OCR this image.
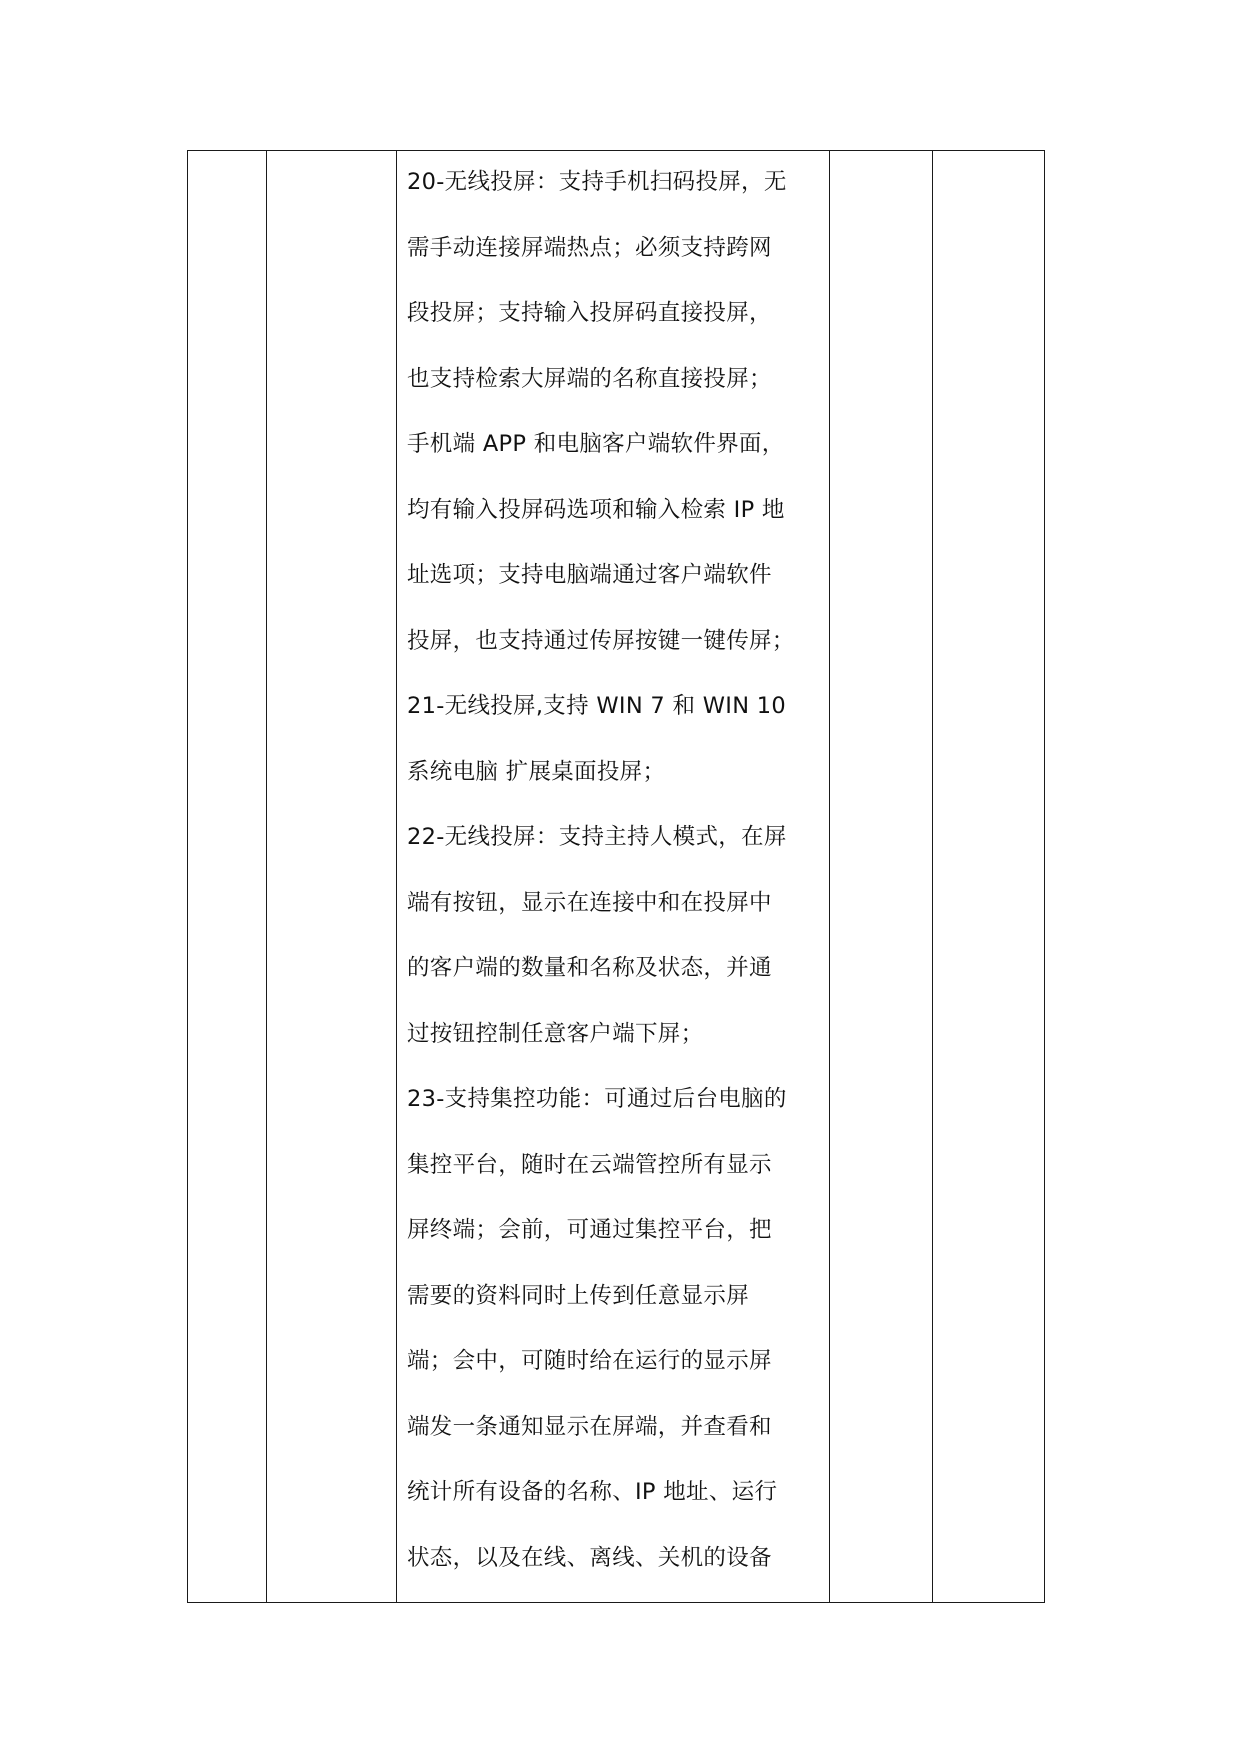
20-无线投屏：支持手机扫码投屏，无
需手动连接屏端热点；必须支持跨网
段投屏；支持输入投屏码直接投屏，
也支持检索大屏端的名称直接投屏；
手机端 APP 和电脑客户端软件界面，
均有输入投屏码选项和输入检索 IP 地
址选项；支持电脑端通过客户端软件
投屏，也支持通过传屏按键一键传屏；
21-无线投屏,支持 WIN 7 和 WIN 10
系统电脑 扩展桌面投屏；
22-无线投屏：支持主持人模式，在屏
端有按钮，显示在连接中和在投屏中
的客户端的数量和名称及状态，并通
过按钮控制任意客户端下屏；
23-支持集控功能：可通过后台电脑的
集控平台，随时在云端管控所有显示
屏终端；会前，可通过集控平台，把
需要的资料同时上传到任意显示屏
端；会中，可随时给在运行的显示屏
端发一条通知显示在屏端，并查看和
统计所有设备的名称、IP 地址、运行
状态，以及在线、离线、关机的设备
